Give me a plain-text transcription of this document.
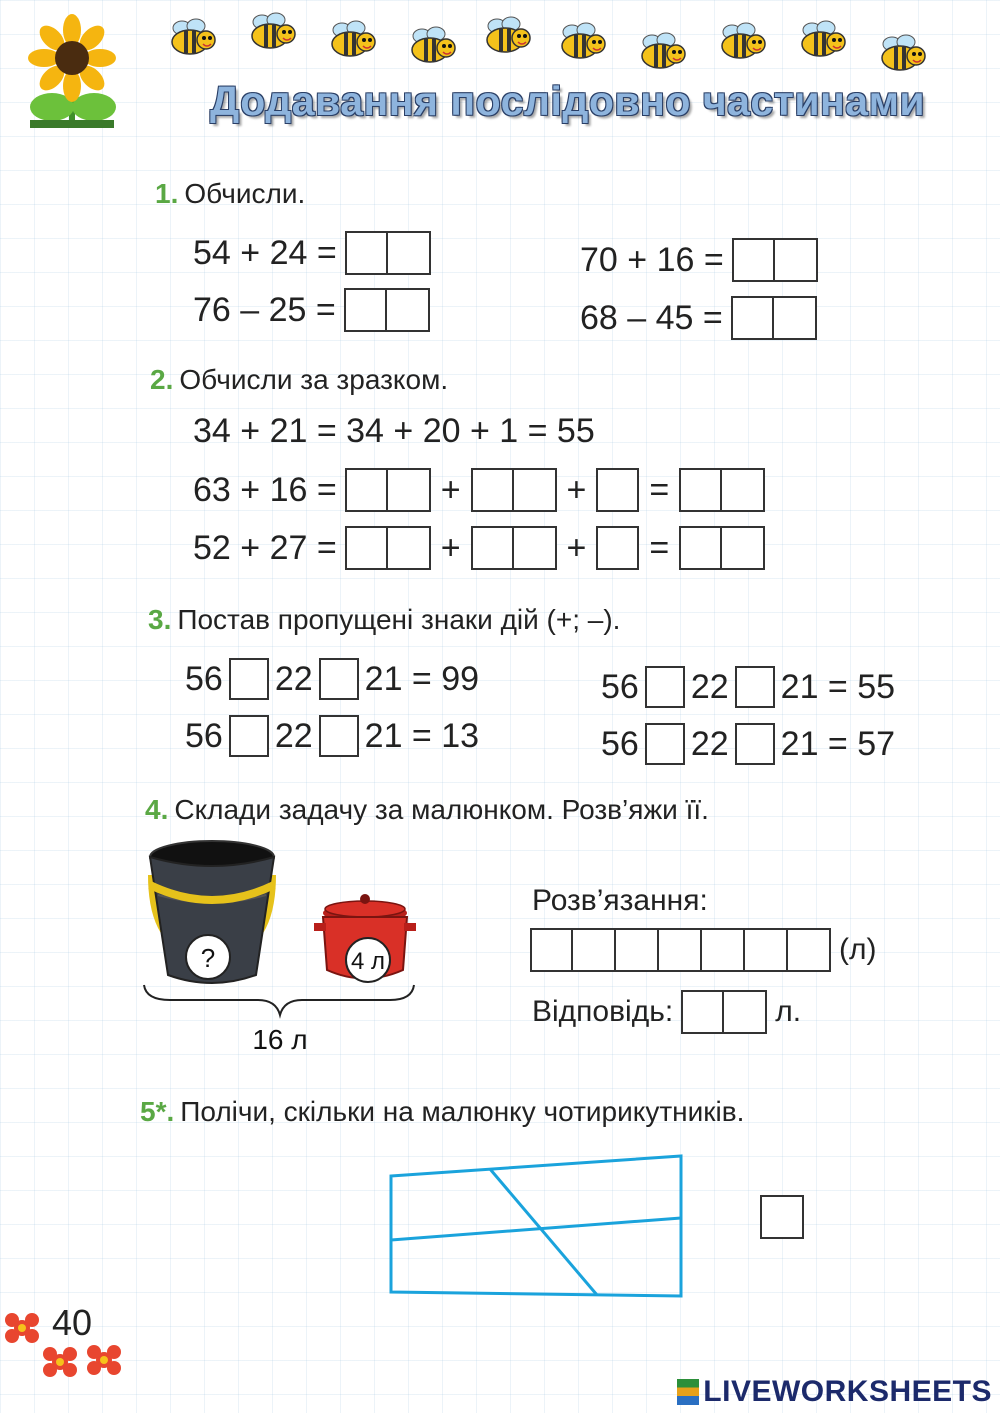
Додавання послідовно частинами
1. Обчисли.
54 + 24 =
76 – 25 =
70 + 16 =
68 – 45 =
2. Обчисли за зразком.
34 + 21 = 34 + 20 + 1 = 55
63 + 16 =	+	+ =
52 + 27 =	+	+ =
3. Постав пропущені знаки дій (+; –).
56 22 21 = 99
56 22 21 = 13
56 22 21 = 55
56 22 21 = 57
4. Склади задачу за малюнком. Розв’яжи її.
?	4 л
16 л
Розв’язання:
(л)
Відповідь:	л.
5*. Полічи, скільки на малюнку чотирикутників.
40
LIVEWORKSHEETS
